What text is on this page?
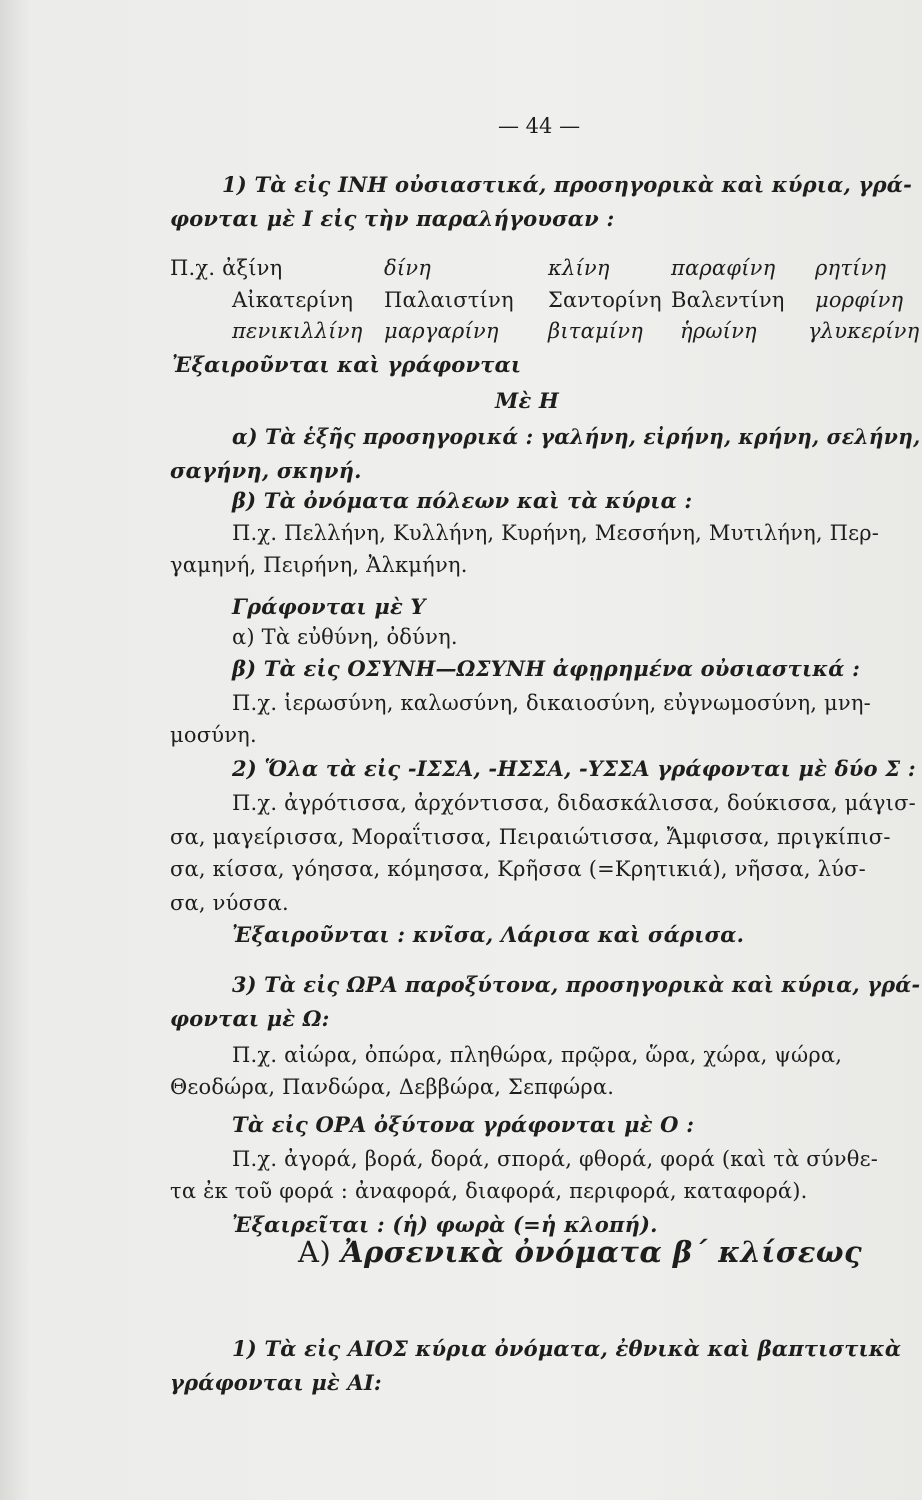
— 44 —
1) Τὰ εἰς ΙΝΗ οὐσιαστικά, προσηγορικὰ καὶ κύρια, γρά-
φονται μὲ Ι εἰς τὴν παραλήγουσαν :
Π.χ. ἀξίνη	δίνη	κλίνη	παραφίνη ρητίνη
Αἰκατερίνη Παλαιστίνη Σαντορίνη Βαλεντίνη μορφίνη
πενικιλλίνη μαργαρίνη βιταμίνη ἡρωίνη γλυκερίνη
Ἐξαιροῦνται καὶ γράφονται
Μὲ Η
α) Τὰ ἑξῆς προσηγορικά : γαλήνη, εἰρήνη, κρήνη, σελήνη,
σαγήνη, σκηνή.
β) Τὰ ὀνόματα πόλεων καὶ τὰ κύρια :
Π.χ. Πελλήνη, Κυλλήνη, Κυρήνη, Μεσσήνη, Μυτιλήνη, Περ-
γαμηνή, Πειρήνη, Ἀλκμήνη.
Γράφονται μὲ Υ
α) Τὰ εὐθύνη, ὀδύνη.
β) Τὰ εἰς ΟΣΥΝΗ—ΩΣΥΝΗ ἀφῃρημένα οὐσιαστικά :
Π.χ. ἱερωσύνη, καλωσύνη, δικαιοσύνη, εὐγνωμοσύνη, μνη-
μοσύνη.
2) Ὅλα τὰ εἰς -ΙΣΣΑ, -ΗΣΣΑ, -ΥΣΣΑ γράφονται μὲ δύο Σ :
Π.χ. ἀγρότισσα, ἀρχόντισσα, διδασκάλισσα, δούκισσα, μάγισ-
σα, μαγείρισσα, Μοραΐτισσα, Πειραιώτισσα, Ἄμφισσα, πριγκίπισ-
σα, κίσσα, γόησσα, κόμησσα, Κρῆσσα (=Κρητικιά), νῆσσα, λύσ-
σα, νύσσα.
Ἐξαιροῦνται : κνῖσα, Λάρισα καὶ σάρισα.
3) Τὰ εἰς ΩΡΑ παροξύτονα, προσηγορικὰ καὶ κύρια, γρά-
φονται μὲ Ω:
Π.χ. αἰώρα, ὀπώρα, πληθώρα, πρῷρα, ὥρα, χώρα, ψώρα,
Θεοδώρα, Πανδώρα, Δεββώρα, Σεπφώρα.
Τὰ εἰς ΟΡΑ ὀξύτονα γράφονται μὲ Ο :
Π.χ. ἀγορά, βορά, δορά, σπορά, φθορά, φορά (καὶ τὰ σύνθε-
τα ἐκ τοῦ φορά : ἀναφορά, διαφορά, περιφορά, καταφορά).
Ἐξαιρεῖται : (ἡ) φωρὰ (=ἡ κλοπή).
1) Τὰ εἰς ΑΙΟΣ κύρια ὀνόματα, ἐθνικὰ καὶ βαπτιστικὰ
γράφονται μὲ ΑΙ:
Α) Ἀρσενικὰ ὀνόματα β΄ κλίσεως
